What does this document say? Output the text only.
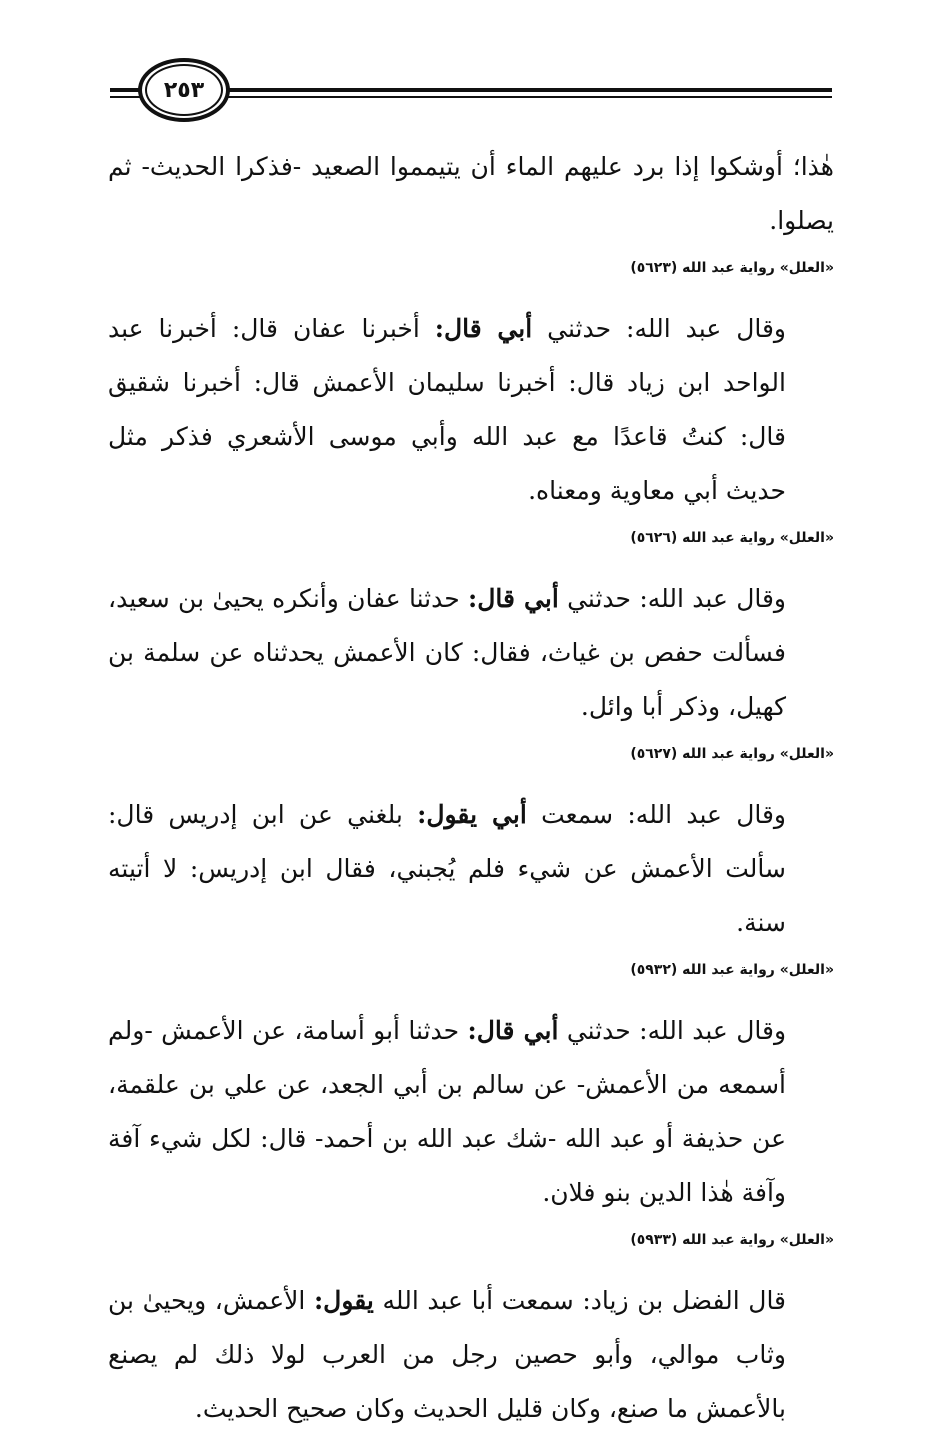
٢٥٣

هٰذا؛ أوشكوا إذا برد عليهم الماء أن يتيمموا الصعيد -فذكرا الحديث- ثم يصلوا.

«العلل» رواية عبد الله (٥٦٢٣)

وقال عبد الله: حدثني أبي قال: أخبرنا عفان قال: أخبرنا عبد الواحد ابن زياد قال: أخبرنا سليمان الأعمش قال: أخبرنا شقيق قال: كنتُ قاعدًا مع عبد الله وأبي موسى الأشعري فذكر مثل حديث أبي معاوية ومعناه.

«العلل» رواية عبد الله (٥٦٢٦)

وقال عبد الله: حدثني أبي قال: حدثنا عفان وأنكره يحيىٰ بن سعيد، فسألت حفص بن غياث، فقال: كان الأعمش يحدثناه عن سلمة بن كهيل، وذكر أبا وائل.

«العلل» رواية عبد الله (٥٦٢٧)

وقال عبد الله: سمعت أبي يقول: بلغني عن ابن إدريس قال: سألت الأعمش عن شيء فلم يُجبني، فقال ابن إدريس: لا أتيته سنة.

«العلل» رواية عبد الله (٥٩٣٢)

وقال عبد الله: حدثني أبي قال: حدثنا أبو أسامة، عن الأعمش -ولم أسمعه من الأعمش- عن سالم بن أبي الجعد، عن علي بن علقمة، عن حذيفة أو عبد الله -شك عبد الله بن أحمد- قال: لكل شيء آفة وآفة هٰذا الدين بنو فلان.

«العلل» رواية عبد الله (٥٩٣٣)

قال الفضل بن زياد: سمعت أبا عبد الله يقول: الأعمش، ويحيىٰ بن وثاب موالي، وأبو حصين رجل من العرب لولا ذلك لم يصنع بالأعمش ما صنع، وكان قليل الحديث وكان صحيح الحديث.
